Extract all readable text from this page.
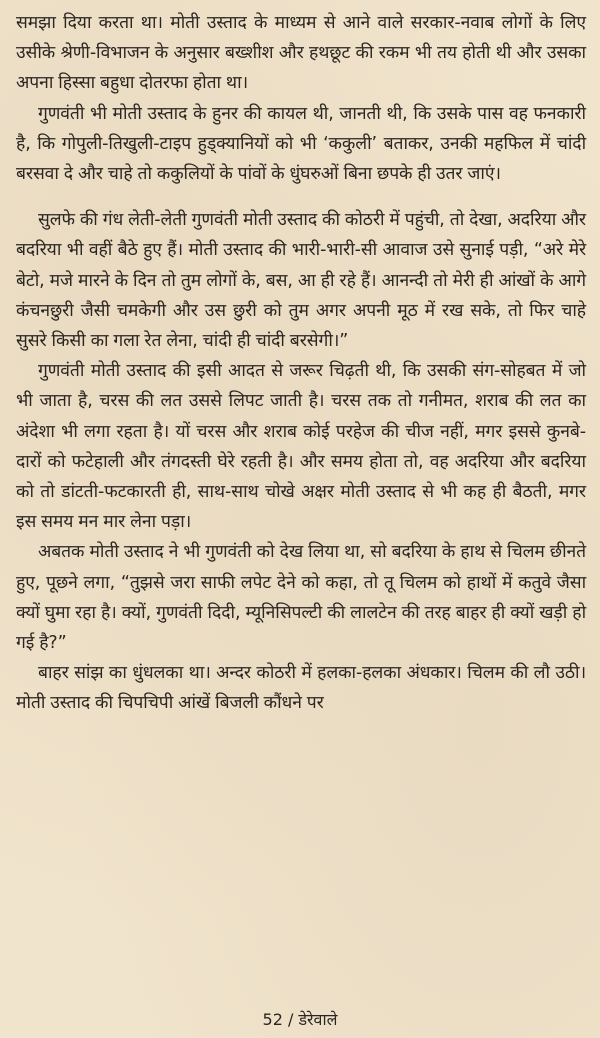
समझा दिया करता था। मोती उस्ताद के माध्यम से आने वाले सरकार-नवाब लोगों के लिए उसीके श्रेणी-विभाजन के अनुसार बख्शीश और हथछूट की रकम भी तय होती थी और उसका अपना हिस्सा बहुधा दोतरफा होता था।

गुणवंती भी मोती उस्ताद के हुनर की कायल थी, जानती थी, कि उसके पास वह फनकारी है, कि गोपुली-तिखुली-टाइप हुड्क्यानियों को भी ‘ककुली’ बताकर, उनकी महफिल में चांदी बरसवा दे और चाहे तो ककुलियों के पांवों के धुंघरुओं बिना छपके ही उतर जाएं।

सुलफे की गंध लेती-लेती गुणवंती मोती उस्ताद की कोठरी में पहुंची, तो देखा, अदरिया और बदरिया भी वहीं बैठे हुए हैं। मोती उस्ताद की भारी-भारी-सी आवाज उसे सुनाई पड़ी, “अरे मेरे बेटो, मजे मारने के दिन तो तुम लोगों के, बस, आ ही रहे हैं। आनन्दी तो मेरी ही आंखों के आगे कंचनछुरी जैसी चमकेगी और उस छुरी को तुम अगर अपनी मूठ में रख सके, तो फिर चाहे सुसरे किसी का गला रेत लेना, चांदी ही चांदी बरसेगी।”

गुणवंती मोती उस्ताद की इसी आदत से जरूर चिढ़ती थी, कि उसकी संग-सोहबत में जो भी जाता है, चरस की लत उससे लिपट जाती है। चरस तक तो गनीमत, शराब की लत का अंदेशा भी लगा रहता है। यों चरस और शराब कोई परहेज की चीज नहीं, मगर इससे कुनबे-दारों को फटेहाली और तंगदस्ती घेरे रहती है। और समय होता तो, वह अदरिया और बदरिया को तो डांटती-फटकारती ही, साथ-साथ चोखे अक्षर मोती उस्ताद से भी कह ही बैठती, मगर इस समय मन मार लेना पड़ा।

अबतक मोती उस्ताद ने भी गुणवंती को देख लिया था, सो बदरिया के हाथ से चिलम छीनते हुए, पूछने लगा, “तुझसे जरा साफी लपेट देने को कहा, तो तू चिलम को हाथों में कतुवे जैसा क्यों घुमा रहा है। क्यों, गुणवंती दिदी, म्यूनिसिपल्टी की लालटेन की तरह बाहर ही क्यों खड़ी हो गई है?”

बाहर सांझ का धुंधलका था। अन्दर कोठरी में हलका-हलका अंधकार। चिलम की लौ उठी। मोती उस्ताद की चिपचिपी आंखें बिजली कौंधने पर

52 / डेरेवाले
